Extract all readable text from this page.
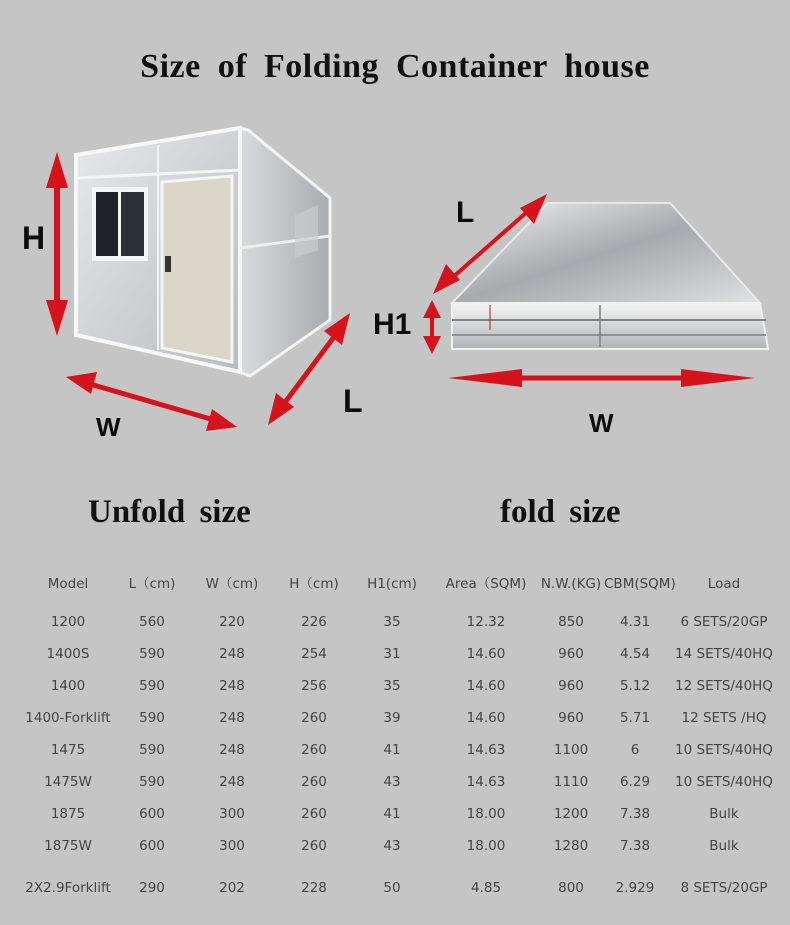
Size of Folding Container house
H
W
L
L
H1
W
Unfold size	fold size
Model	L（cm)	W（cm)	H（cm)	H1(cm)	Area（SQM)	N.W.(KG)	CBM(SQM)	Load
1200	560	220	226	35	12.32	850	4.31	6 SETS/20GP
1400S	590	248	254	31	14.60	960	4.54	14 SETS/40HQ
1400	590	248	256	35	14.60	960	5.12	12 SETS/40HQ
1400-Forklift	590	248	260	39	14.60	960	5.71	12 SETS /HQ
1475	590	248	260	41	14.63	1100	6	10 SETS/40HQ
1475W	590	248	260	43	14.63	1110	6.29	10 SETS/40HQ
1875	600	300	260	41	18.00	1200	7.38	Bulk
1875W	600	300	260	43	18.00	1280	7.38	Bulk
2X2.9Forklift	290	202	228	50	4.85	800	2.929	8 SETS/20GP
